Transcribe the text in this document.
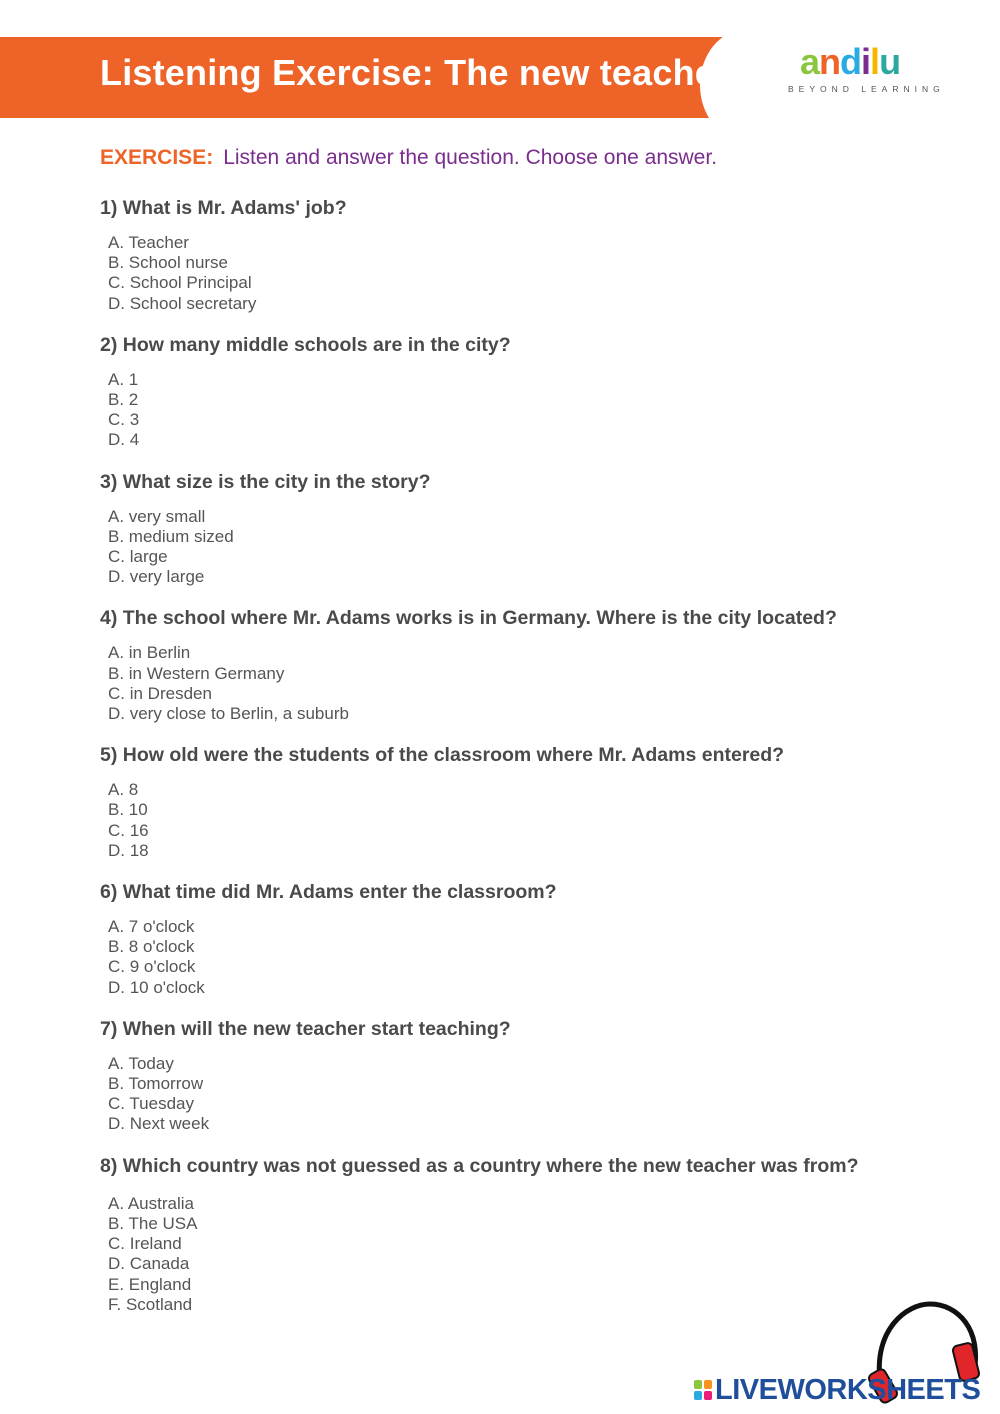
Listening Exercise: The new teacher andilu
BEYOND LEARNING

EXERCISE: Listen and answer the question. Choose one answer.

1) What is Mr. Adams' job?

A. Teacher
B. School nurse
C. School Principal
D. School secretary

2) How many middle schools are in the city?

A. 1
B. 2
C. 3
D. 4

3) What size is the city in the story?

A. very small
B. medium sized
C. large
D. very large

4) The school where Mr. Adams works is in Germany. Where is the city located?

A. in Berlin
B. in Western Germany
C. in Dresden
D. very close to Berlin, a suburb

5) How old were the students of the classroom where Mr. Adams entered?

A. 8
B. 10
C. 16
D. 18

6) What time did Mr. Adams enter the classroom?

A. 7 o'clock
B. 8 o'clock
C. 9 o'clock
D. 10 o'clock

7) When will the new teacher start teaching?

A. Today
B. Tomorrow
C. Tuesday
D. Next week

8) Which country was not guessed as a country where the new teacher was from?

A. Australia
B. The USA
C. Ireland
D. Canada
E. England
F. Scotland
LIVEWORKSHEETS
